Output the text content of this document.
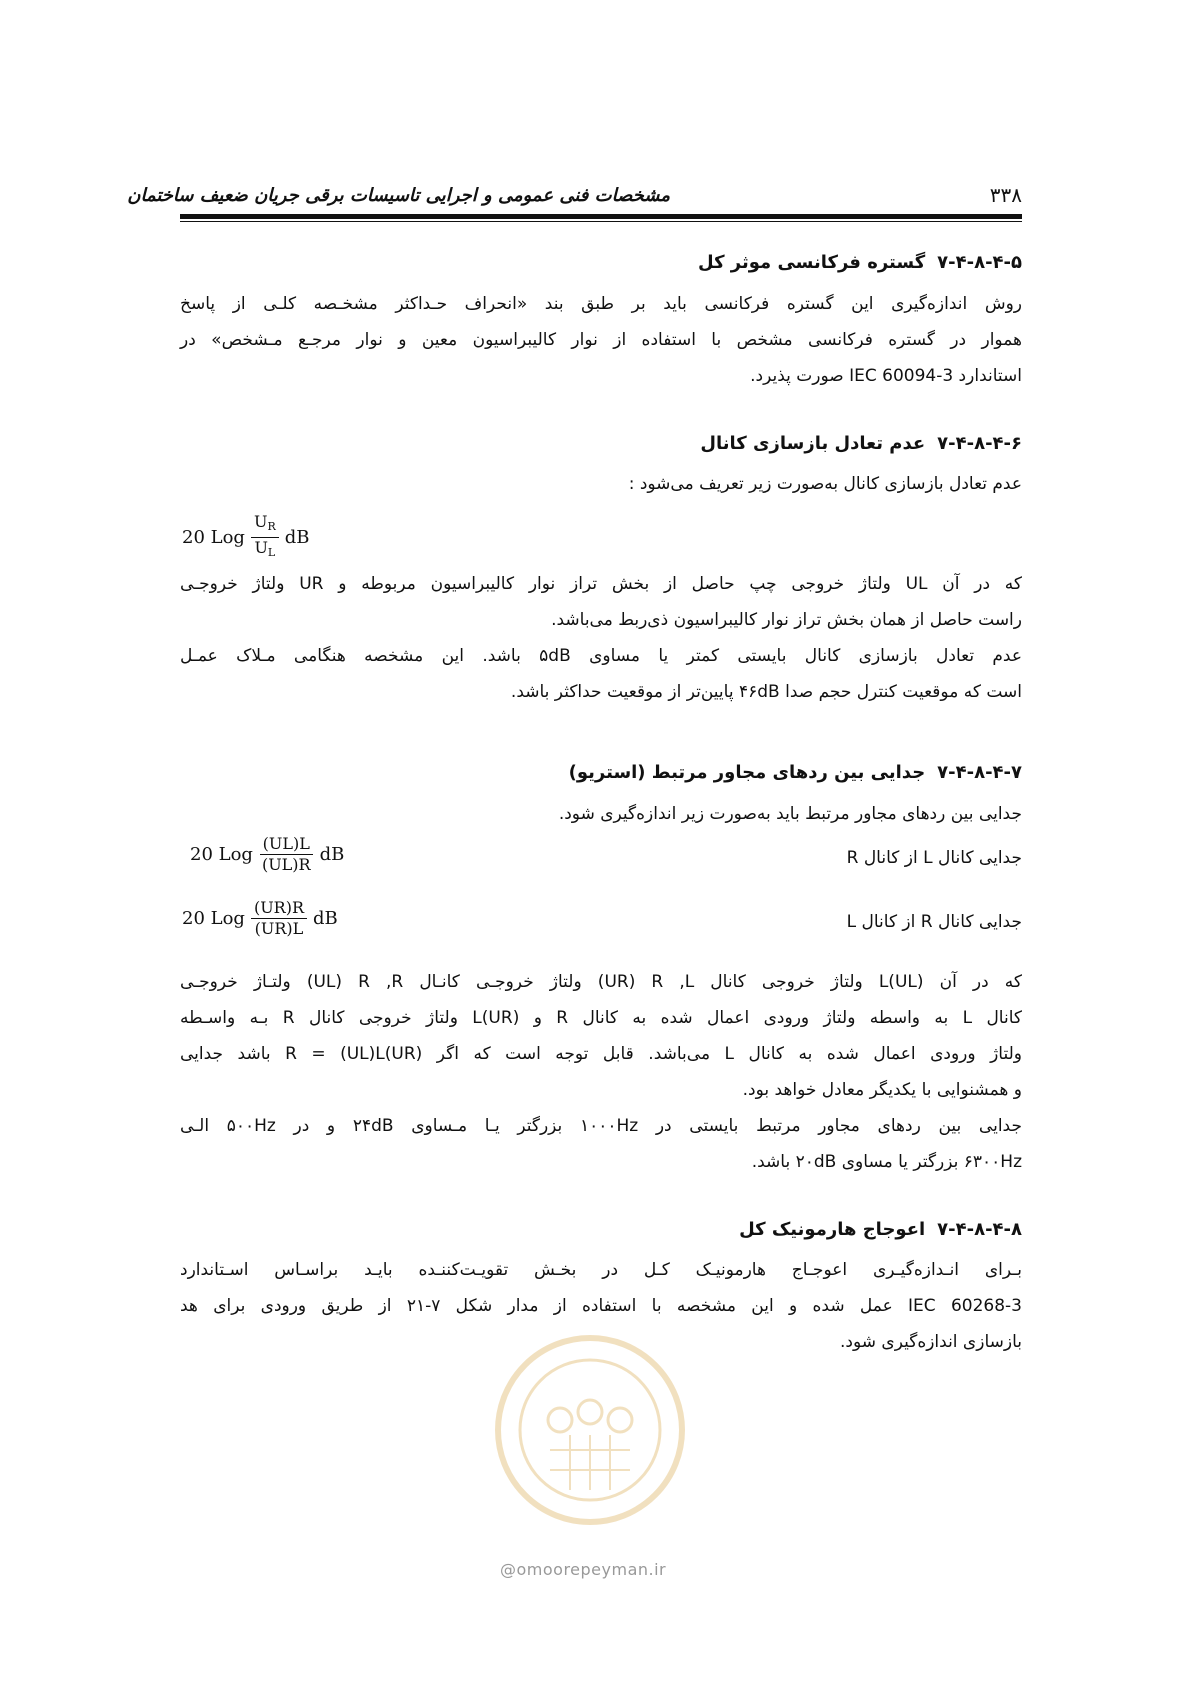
مشخصات فنی عمومی و اجرایی تاسیسات برقی جریان ضعیف ساختمان	۳۳۸
۷-۴-۸-۴-۵گستره فرکانسی موثر کل
روش اندازه‌گیری این گستره فرکانسی باید بر طبق بند «انحراف حـداکثر مشخـصه کلـی از پاسخ
هموار در گستره فرکانسی مشخص با استفاده از نوار کالیبراسیون معین و نوار مرجـع مـشخص» در
استاندارد IEC 60094-3 صورت پذیرد.
۷-۴-۸-۴-۶عدم تعادل بازسازی کانال
عدم تعادل بازسازی کانال به‌صورت زیر تعریف می‌شود :
20 Log $\frac{U_R}{U_L}$ dB
که در آن UL ولتاژ خروجی چپ حاصل از بخش تراز نوار کالیبراسیون مربوطه و UR ولتاژ خروجـی
راست حاصل از همان بخش تراز نوار کالیبراسیون ذی‌ربط می‌باشد.
عدم تعادل بازسازی کانال بایستی کمتر یا مساوی ۵dB باشد. این مشخصه هنگامی مـلاک عمـل
است که موقعیت کنترل حجم صدا ۴۶dB پایین‌تر از موقعیت حداکثر باشد.
۷-۴-۸-۴-۷جدایی بین ردهای مجاور مرتبط (استریو)
جدایی بین ردهای مجاور مرتبط باید به‌صورت زیر اندازه‌گیری شود.
جدایی کانال L از کانال R
20 Log $\frac{(UL)L}{(UL)R}$ dB
جدایی کانال R از کانال L
20 Log $\frac{(UR)R}{(UR)L}$ dB
که در آن (UL)L ولتاژ خروجی کانال UR) R ,L) ولتاژ خروجـی کانـال UL) R ,R) ولتـاژ خروجـی
کانال L به واسطه ولتاژ ورودی اعمال شده به کانال R و (UR)L ولتاژ خروجی کانال R بـه واسـطه
ولتاژ ورودی اعمال شده به کانال L می‌باشد. قابل توجه است که اگر (UR)R = (UL)L باشد جدایی
و همشنوایی با یکدیگر معادل خواهد بود.
جدایی بین ردهای مجاور مرتبط بایستی در ۱۰۰۰Hz بزرگتر یـا مـساوی ۲۴dB و در ۵۰۰Hz الـی
۶۳۰۰Hz بزرگتر یا مساوی ۲۰dB باشد.
۷-۴-۸-۴-۸اعوجاج هارمونیک کل
بـرای انـدازه‌گیـری اعوجـاج هارمونیـک کـل در بخـش تقویـت‌کننـده بایـد براسـاس اسـتاندارد
IEC 60268-3 عمل شده و این مشخصه با استفاده از مدار شکل ۷-۲۱ از طریق ورودی برای هد
بازسازی اندازه‌گیری شود.
@omoorepeyman.ir
